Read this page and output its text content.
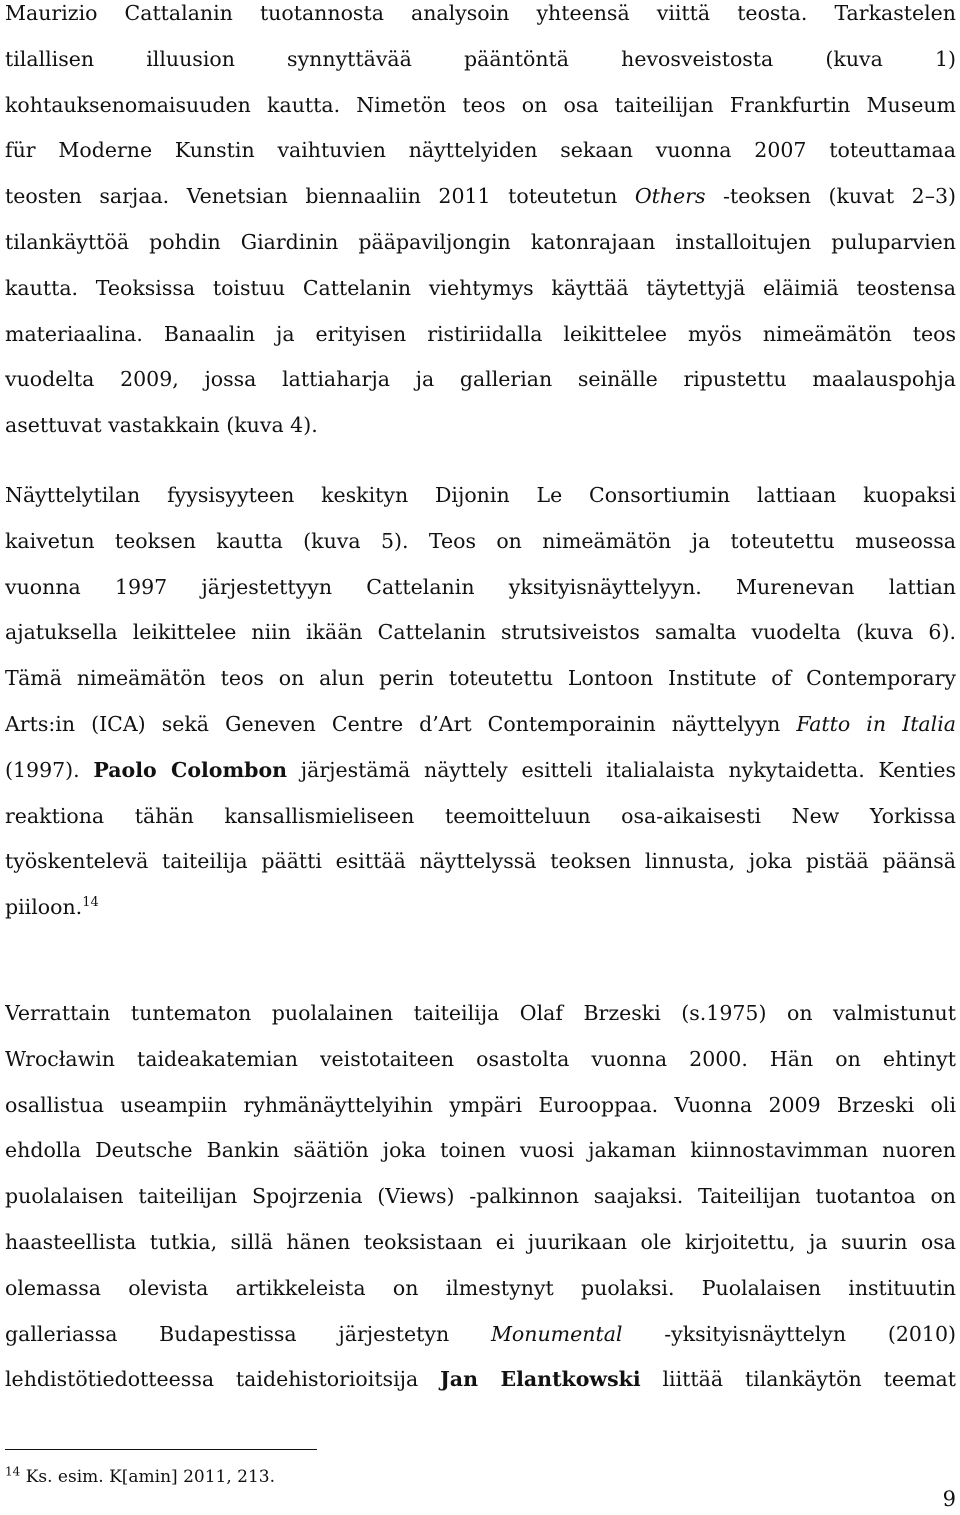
Maurizio Cattalanin tuotannosta analysoin yhteensä viittä teosta. Tarkastelen
tilallisen illuusion synnyttävää pääntöntä hevosveistosta (kuva 1)
kohtauksenomaisuuden kautta. Nimetön teos on osa taiteilijan Frankfurtin Museum
für Moderne Kunstin vaihtuvien näyttelyiden sekaan vuonna 2007 toteuttamaa
teosten sarjaa. Venetsian biennaaliin 2011 toteutetun Others -teoksen (kuvat 2–3)
tilankäyttöä pohdin Giardinin pääpaviljongin katonrajaan installoitujen puluparvien
kautta. Teoksissa toistuu Cattelanin viehtymys käyttää täytettyjä eläimiä teostensa
materiaalina. Banaalin ja erityisen ristiriidalla leikittelee myös nimeämätön teos
vuodelta 2009, jossa lattiaharja ja gallerian seinälle ripustettu maalauspohja
asettuvat vastakkain (kuva 4).
Näyttelytilan fyysisyyteen keskityn Dijonin Le Consortiumin lattiaan kuopaksi
kaivetun teoksen kautta (kuva 5). Teos on nimeämätön ja toteutettu museossa
vuonna 1997 järjestettyyn Cattelanin yksityisnäyttelyyn. Murenevan lattian
ajatuksella leikittelee niin ikään Cattelanin strutsiveistos samalta vuodelta (kuva 6).
Tämä nimeämätön teos on alun perin toteutettu Lontoon Institute of Contemporary
Arts:in (ICA) sekä Geneven Centre d’Art Contemporainin näyttelyyn Fatto in Italia
(1997). Paolo Colombon järjestämä näyttely esitteli italialaista nykytaidetta. Kenties
reaktiona tähän kansallismieliseen teemoitteluun osa-aikaisesti New Yorkissa
työskentelevä taiteilija päätti esittää näyttelyssä teoksen linnusta, joka pistää päänsä
piiloon.$^{14}$
Verrattain tuntematon puolalainen taiteilija Olaf Brzeski (s.1975) on valmistunut
Wrocławin taideakatemian veistotaiteen osastolta vuonna 2000. Hän on ehtinyt
osallistua useampiin ryhmänäyttelyihin ympäri Eurooppaa. Vuonna 2009 Brzeski oli
ehdolla Deutsche Bankin säätiön joka toinen vuosi jakaman kiinnostavimman nuoren
puolalaisen taiteilijan Spojrzenia (Views) -palkinnon saajaksi. Taiteilijan tuotantoa on
haasteellista tutkia, sillä hänen teoksistaan ei juurikaan ole kirjoitettu, ja suurin osa
olemassa olevista artikkeleista on ilmestynyt puolaksi. Puolalaisen instituutin
galleriassa Budapestissa järjestetyn Monumental -yksityisnäyttelyn (2010)
lehdistötiedotteessa taidehistorioitsija Jan Elantkowski liittää tilankäytön teemat
$^{14}$ Ks. esim. K[amin] 2011, 213.
9
